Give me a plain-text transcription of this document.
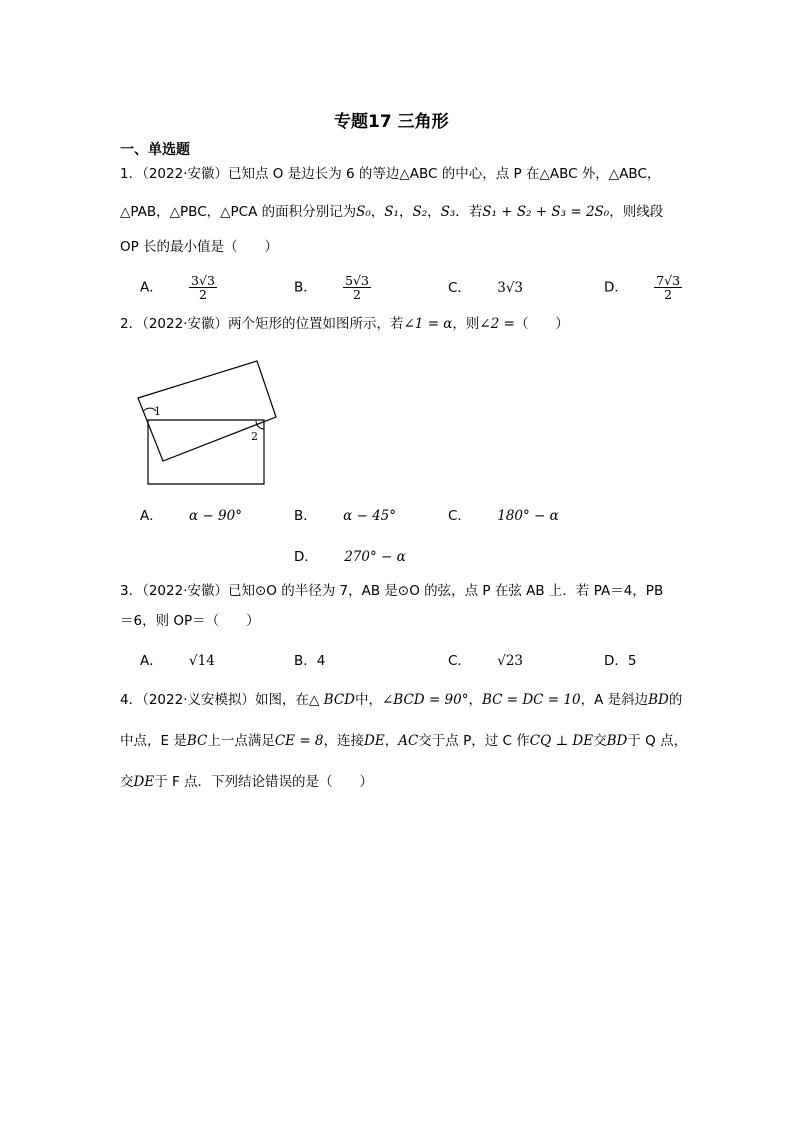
专题17 三角形
一、单选题
1．（2022·安徽）已知点 O 是边长为 6 的等边△ABC 的中心，点 P 在△ABC 外，△ABC，
△PAB，△PBC，△PCA 的面积分别记为S₀，S₁，S₂，S₃．若S₁ + S₂ + S₃ = 2S₀，则线段
OP 长的最小值是（　　）
A． $\frac{3√3}{2}$	B． $\frac{5√3}{2}$	C． 3√3	D． $\frac{7√3}{2}$
2．（2022·安徽）两个矩形的位置如图所示，若∠1 = α，则∠2 =（　　）
1
2
A． α − 90°	B． α − 45°	C． 180° − α
D． 270° − α
3．（2022·安徽）已知⊙O 的半径为 7，AB 是⊙O 的弦，点 P 在弦 AB 上．若 PA＝4，PB
＝6，则 OP＝（　　）
A． √14	B．4	C． √23	D．5
4．（2022·义安模拟）如图，在△ BCD中，∠BCD = 90°，BC = DC = 10，A 是斜边BD的
中点，E 是BC上一点满足CE = 8，连接DE，AC交于点 P，过 C 作CQ ⊥ DE交BD于 Q 点，
交DE于 F 点．下列结论错误的是（　　）
